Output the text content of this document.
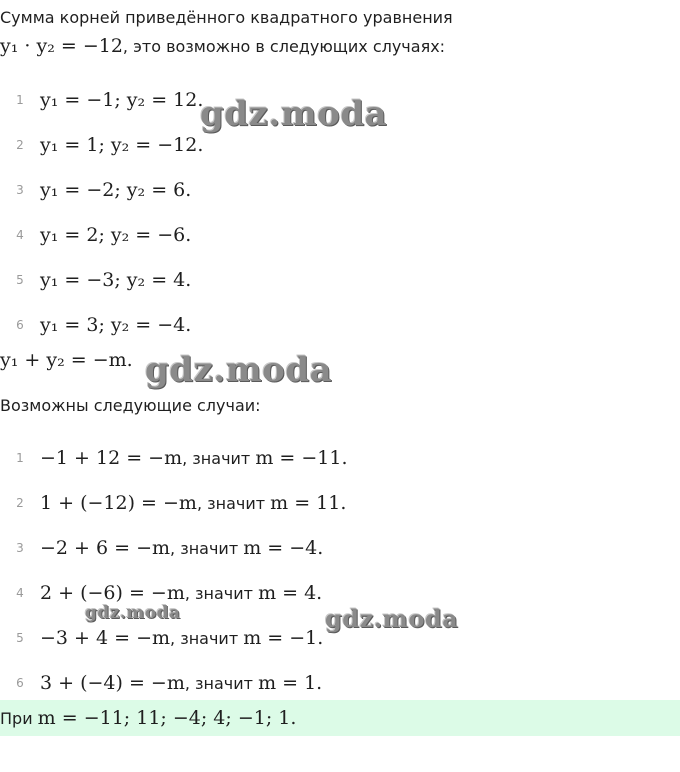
Сумма корней приведённого квадратного уравнения
y₁ · y₂ = −12, это возможно в следующих случаях:
1 y₁ = −1; y₂ = 12.
2 y₁ = 1; y₂ = −12.
3 y₁ = −2; y₂ = 6.
4 y₁ = 2; y₂ = −6.
5 y₁ = −3; y₂ = 4.
6 y₁ = 3; y₂ = −4.
y₁ + y₂ = −m.
Возможны следующие случаи:
1 −1 + 12 = −m, значит m = −11.
2 1 + (−12) = −m, значит m = 11.
3 −2 + 6 = −m, значит m = −4.
4 2 + (−6) = −m, значит m = 4.
5 −3 + 4 = −m, значит m = −1.
6 3 + (−4) = −m, значит m = 1.
При m = −11; 11; −4; 4; −1; 1.
gdz.moda
gdz.moda
gdz.moda	gdz.moda
